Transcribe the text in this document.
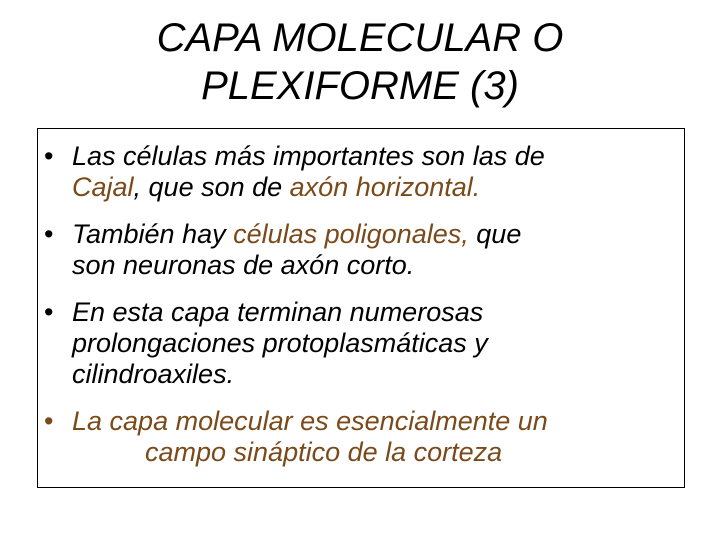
CAPA MOLECULAR O
PLEXIFORME (3)
• Las células más importantes son las de
Cajal, que son de axón horizontal.
• También hay células poligonales, que
son neuronas de axón corto.
• En esta capa terminan numerosas
prolongaciones protoplasmáticas y
cilindroaxiles.
• La capa molecular es esencialmente un
campo sináptico de la corteza
